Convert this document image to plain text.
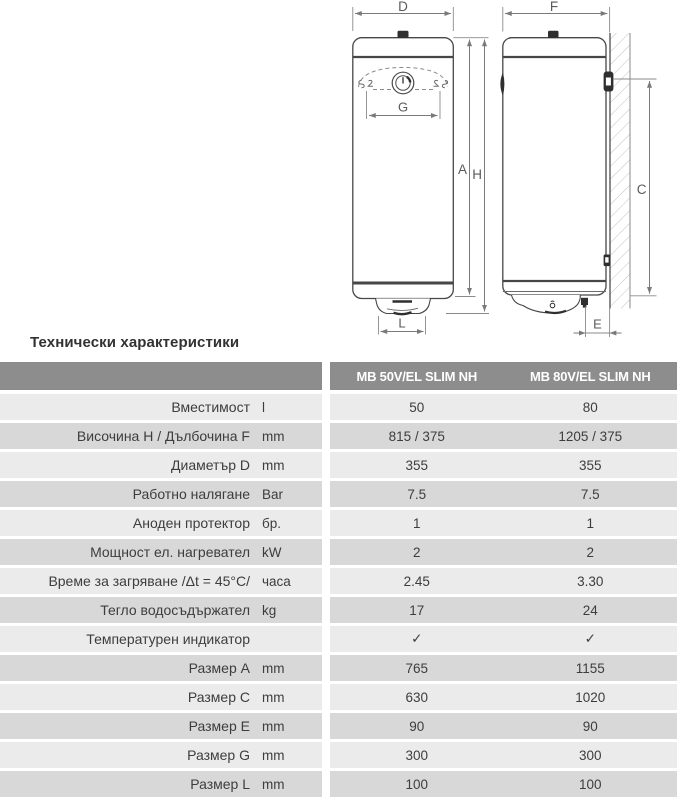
D
G
L
A H
F
C
E
Технически характеристики
MB 50V/EL SLIM NH	MB 80V/EL SLIM NH
Вместимост l	50	80
Височина H / Дълбочина F mm	815 / 375	1205 / 375
Диаметър D mm	355	355
Работно налягане Bar	7.5	7.5
Аноден протектор бр.	1	1
Мощност ел. нагревател kW	2	2
Време за загряване /Δt = 45°C/ часа	2.45	3.30
Тегло водосъдържател kg	17	24
Температурен индикатор	✓	✓
Размер A mm	765	1155
Размер C mm	630	1020
Размер E mm	90	90
Размер G mm	300	300
Размер L mm	100	100
